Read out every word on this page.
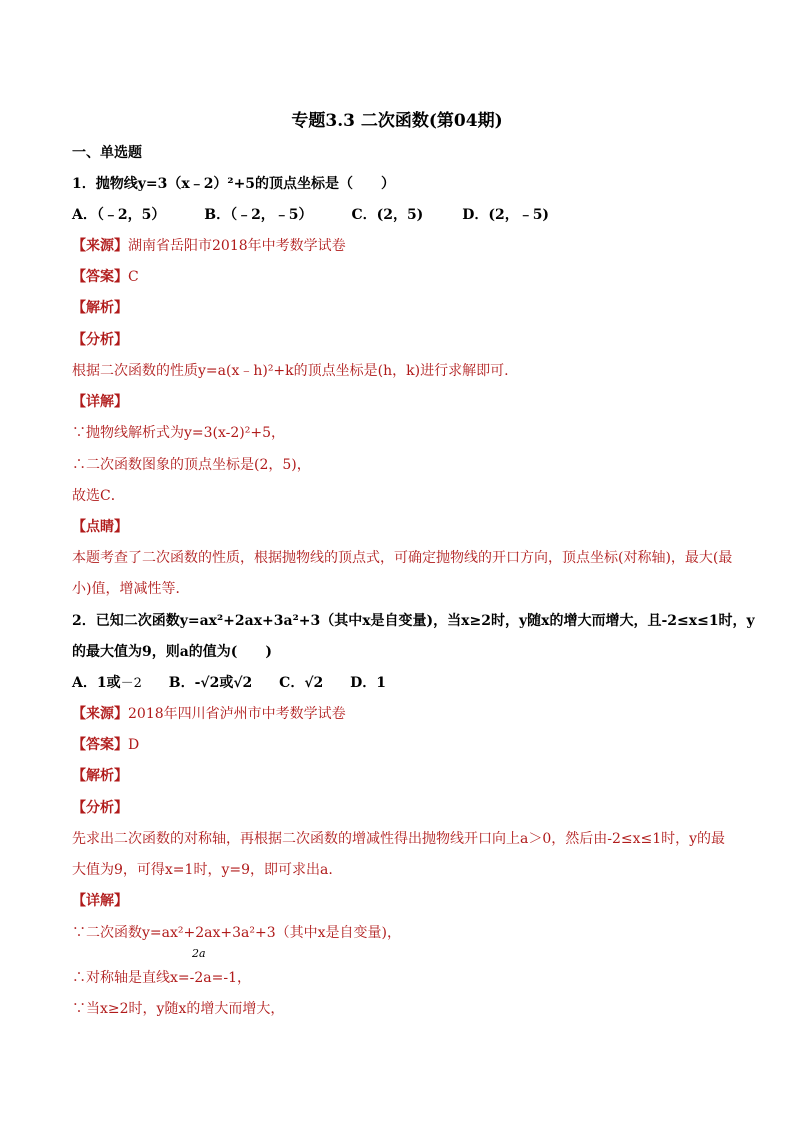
专题3.3 二次函数(第04期)
一、单选题
1．抛物线y=3（x﹣2）²+5的顶点坐标是（　　）
A．（﹣2，5）	B．（﹣2，﹣5）	C．(2，5)	D．(2，﹣5)
【来源】湖南省岳阳市2018年中考数学试卷
【答案】C
【解析】
【分析】
根据二次函数的性质y=a(x﹣h)²+k的顶点坐标是(h，k)进行求解即可.
【详解】
∵抛物线解析式为y=3(x-2)²+5，
∴二次函数图象的顶点坐标是(2，5)，
故选C．
【点睛】
本题考查了二次函数的性质，根据抛物线的顶点式，可确定抛物线的开口方向，顶点坐标(对称轴)，最大(最
小)值，增减性等．
2．已知二次函数y=ax²+2ax+3a²+3（其中x是自变量)，当x≥2时，y随x的增大而增大，且-2≤x≤1时，y
的最大值为9，则a的值为(　　)
A．1或－2 B．-√2或√2 C．√2 D．1
【来源】2018年四川省泸州市中考数学试卷
【答案】D
【解析】
【分析】
先求出二次函数的对称轴，再根据二次函数的增减性得出抛物线开口向上a＞0，然后由-2≤x≤1时，y的最
大值为9，可得x=1时，y=9，即可求出a.
【详解】
∵二次函数y=ax²+2ax+3a²+3（其中x是自变量)，
2a
∴对称轴是直线x=-2a=-1，
∵当x≥2时，y随x的增大而增大，
